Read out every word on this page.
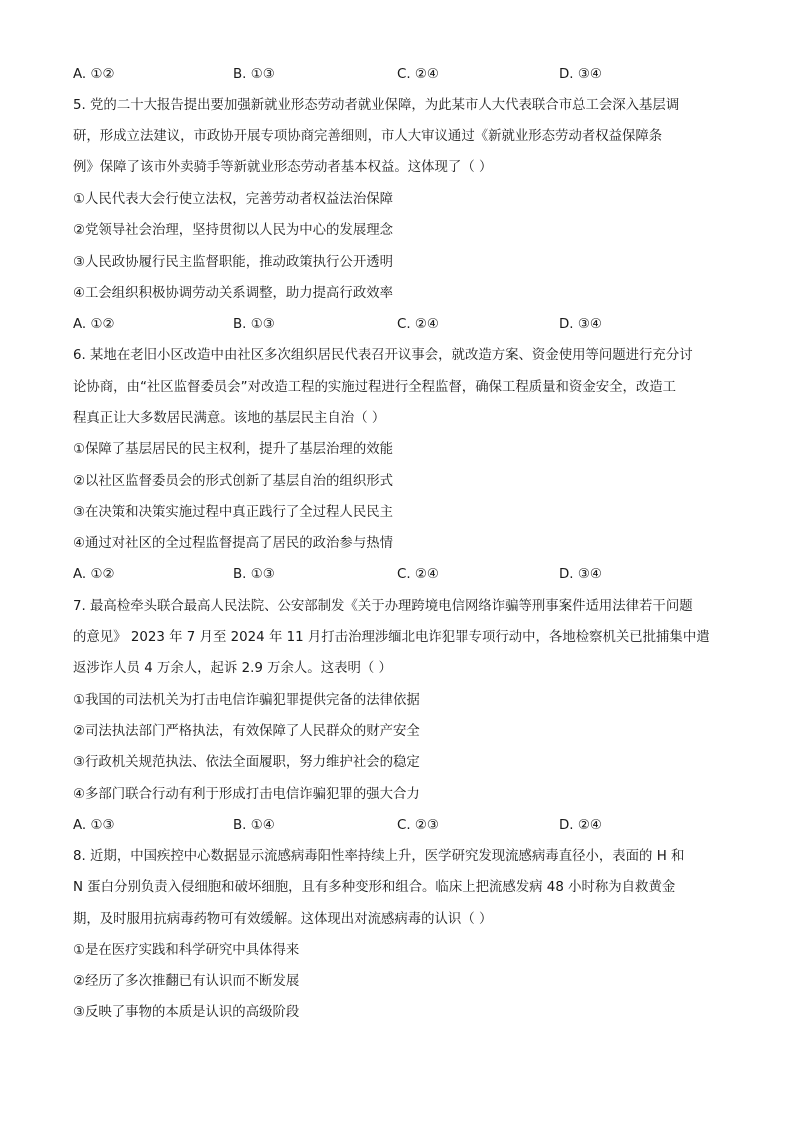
A. ①②	B. ①③	C. ②④	D. ③④
5. 党的二十大报告提出要加强新就业形态劳动者就业保障，为此某市人大代表联合市总工会深入基层调
研，形成立法建议，市政协开展专项协商完善细则，市人大审议通过《新就业形态劳动者权益保障条
例》保障了该市外卖骑手等新就业形态劳动者基本权益。这体现了（ ）
①人民代表大会行使立法权，完善劳动者权益法治保障
②党领导社会治理，坚持贯彻以人民为中心的发展理念
③人民政协履行民主监督职能，推动政策执行公开透明
④工会组织积极协调劳动关系调整，助力提高行政效率
A. ①②	B. ①③	C. ②④	D. ③④
6. 某地在老旧小区改造中由社区多次组织居民代表召开议事会，就改造方案、资金使用等问题进行充分讨
论协商，由“社区监督委员会”对改造工程的实施过程进行全程监督，确保工程质量和资金安全，改造工
程真正让大多数居民满意。该地的基层民主自治（ ）
①保障了基层居民的民主权利，提升了基层治理的效能
②以社区监督委员会的形式创新了基层自治的组织形式
③在决策和决策实施过程中真正践行了全过程人民民主
④通过对社区的全过程监督提高了居民的政治参与热情
A. ①②	B. ①③	C. ②④	D. ③④
7. 最高检牵头联合最高人民法院、公安部制发《关于办理跨境电信网络诈骗等刑事案件适用法律若干问题
的意见》 2023 年 7 月至 2024 年 11 月打击治理涉缅北电诈犯罪专项行动中，各地检察机关已批捕集中遣
返涉诈人员 4 万余人，起诉 2.9 万余人。这表明（ ）
①我国的司法机关为打击电信诈骗犯罪提供完备的法律依据
②司法执法部门严格执法，有效保障了人民群众的财产安全
③行政机关规范执法、依法全面履职，努力维护社会的稳定
④多部门联合行动有利于形成打击电信诈骗犯罪的强大合力
A. ①③	B. ①④	C. ②③	D. ②④
8. 近期，中国疾控中心数据显示流感病毒阳性率持续上升，医学研究发现流感病毒直径小，表面的 H 和
N 蛋白分别负责入侵细胞和破坏细胞，且有多种变形和组合。临床上把流感发病 48 小时称为自救黄金
期，及时服用抗病毒药物可有效缓解。这体现出对流感病毒的认识（ ）
①是在医疗实践和科学研究中具体得来
②经历了多次推翻已有认识而不断发展
③反映了事物的本质是认识的高级阶段
